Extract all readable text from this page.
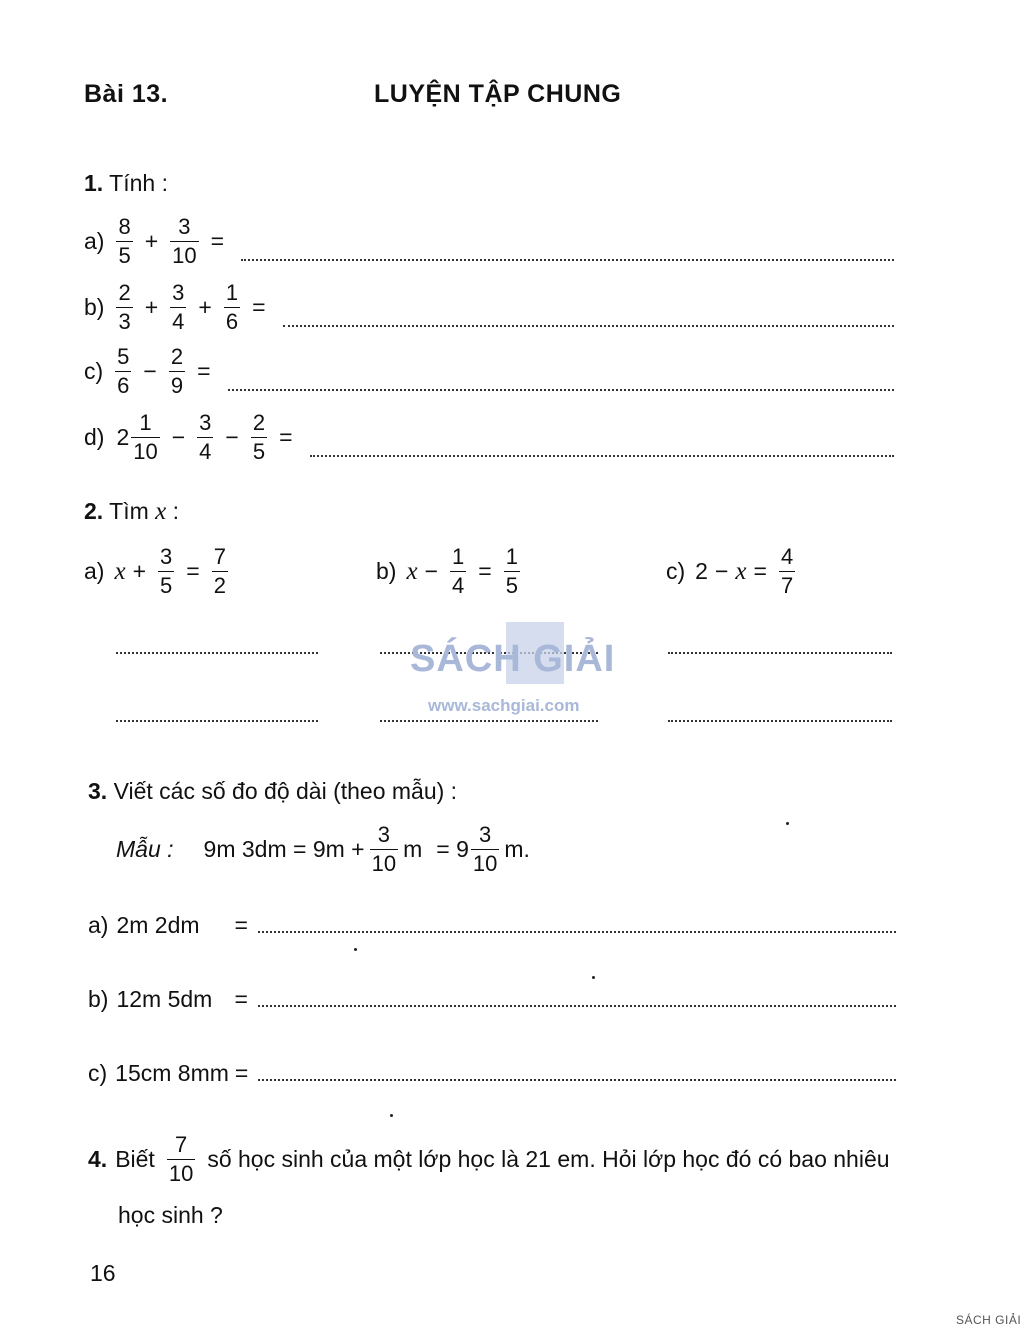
Bài 13.	LUYỆN TẬP CHUNG
1. Tính :
$a) \frac{8}{5} + \frac{3}{10}$ =
$b) \frac{2}{3} + \frac{3}{4} + \frac{1}{6}$ =
$c) \frac{5}{6} - \frac{2}{9}$ =
d) $2 \frac{1}{10} - \frac{3}{4} - \frac{2}{5}$ =
2. Tìm x :
a) $x + \frac{3}{5} = \frac{7}{2}$	b) $x - \frac{1}{4} = \frac{1}{5}$	c) $2 - x = \frac{4}{7}$
SÁCH GIẢI
www.sachgiai.com
3. Viết các số đo độ dài (theo mẫu) :
Mẫu : 9m $3dm = 9m + \frac{3}{10}$ $m = 9 \frac{3}{10} m$.
a) 2m 2dm	=
b) 12m 5dm =
c) 15cm 8mm =
4. Biết $\frac{7}{10}$ số học sinh của một lớp học là 21 em. Hỏi lớp học đó có bao nhiêu
học sinh ?
16
SÁCH GIẢI
